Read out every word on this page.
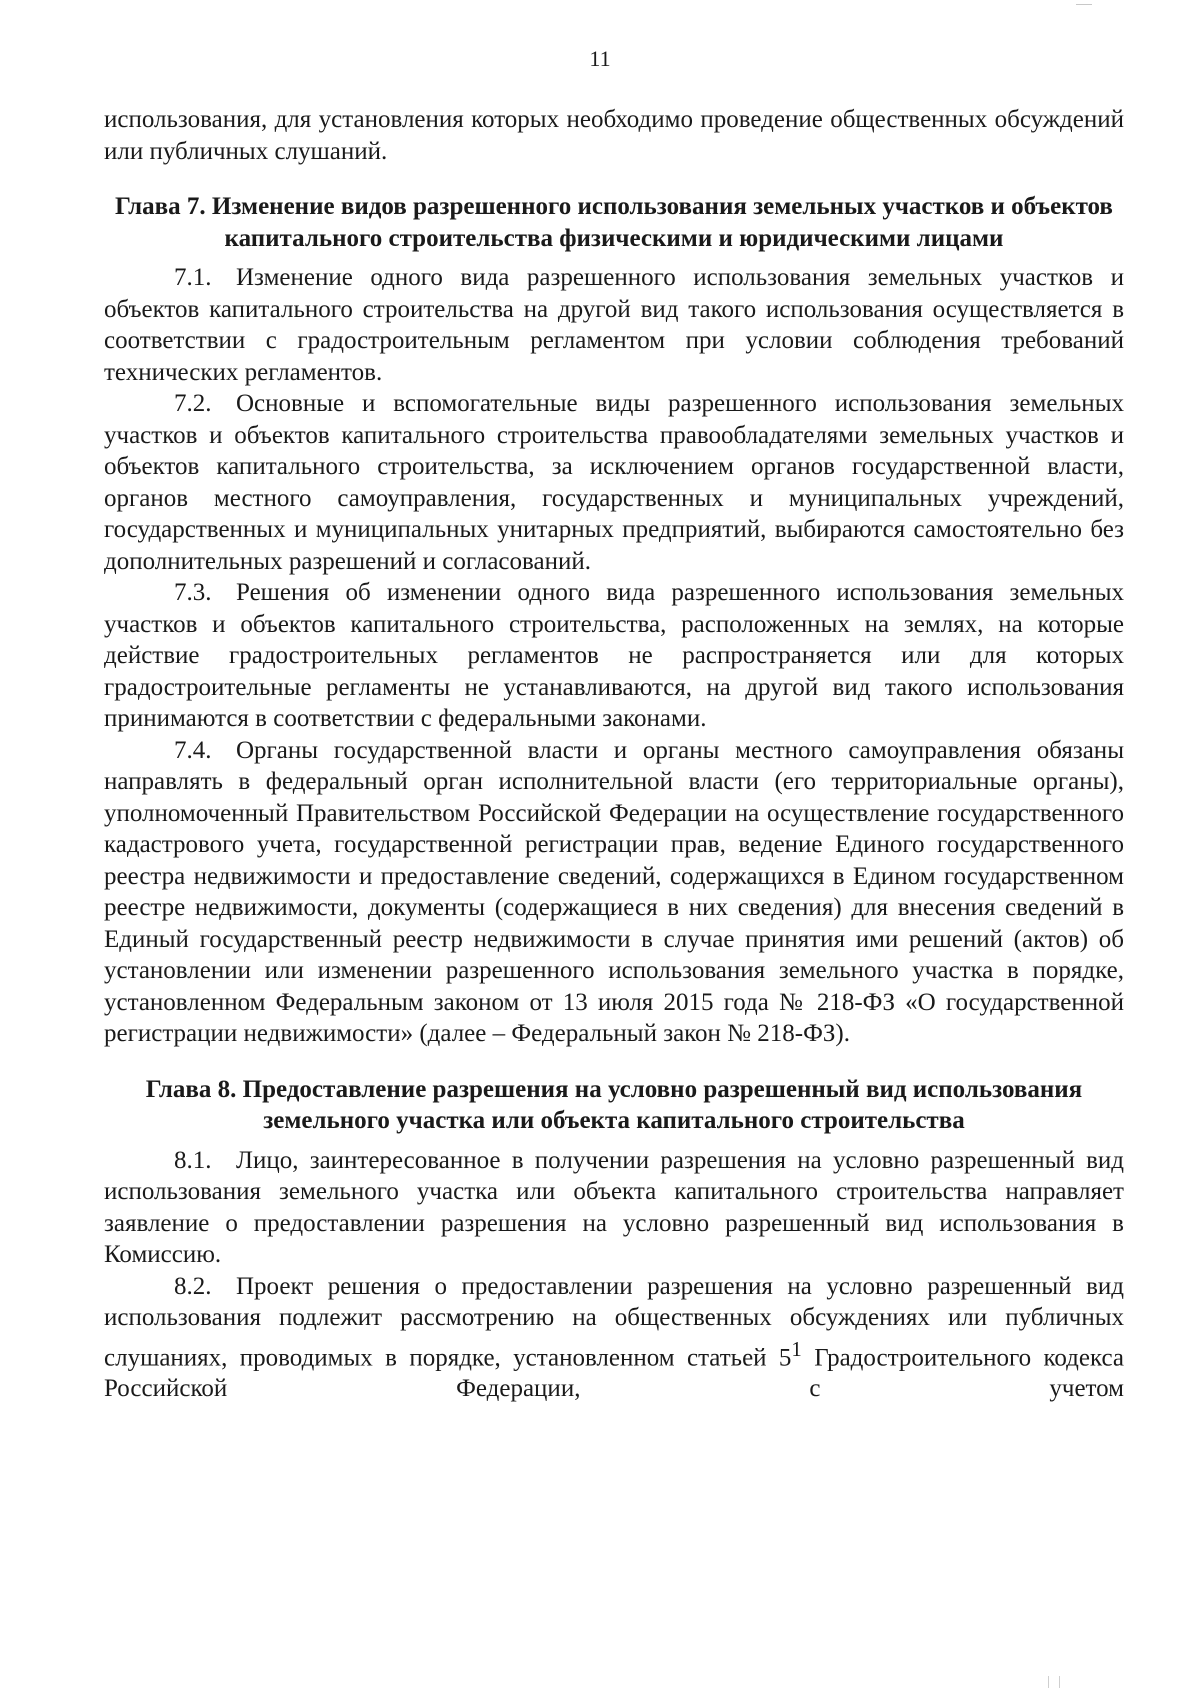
11

использования, для установления которых необходимо проведение общественных обсуждений или публичных слушаний.

Глава 7. Изменение видов разрешенного использования земельных участков и объектов капитального строительства физическими и юридическими лицами

7.1. Изменение одного вида разрешенного использования земельных участков и объектов капитального строительства на другой вид такого использования осуществляется в соответствии с градостроительным регламентом при условии соблюдения требований технических регламентов.

7.2. Основные и вспомогательные виды разрешенного использования земельных участков и объектов капитального строительства правообладателями земельных участков и объектов капитального строительства, за исключением органов государственной власти, органов местного самоуправления, государственных и муниципальных учреждений, государственных и муниципальных унитарных предприятий, выбираются самостоятельно без дополнительных разрешений и согласований.

7.3. Решения об изменении одного вида разрешенного использования земельных участков и объектов капитального строительства, расположенных на землях, на которые действие градостроительных регламентов не распространяется или для которых градостроительные регламенты не устанавливаются, на другой вид такого использования принимаются в соответствии с федеральными законами.

7.4. Органы государственной власти и органы местного самоуправления обязаны направлять в федеральный орган исполнительной власти (его территориальные органы), уполномоченный Правительством Российской Федерации на осуществление государственного кадастрового учета, государственной регистрации прав, ведение Единого государственного реестра недвижимости и предоставление сведений, содержащихся в Едином государственном реестре недвижимости, документы (содержащиеся в них сведения) для внесения сведений в Единый государственный реестр недвижимости в случае принятия ими решений (актов) об установлении или изменении разрешенного использования земельного участка в порядке, установленном Федеральным законом от 13 июля 2015 года № 218-ФЗ «О государственной регистрации недвижимости» (далее – Федеральный закон № 218-ФЗ).

Глава 8. Предоставление разрешения на условно разрешенный вид использования земельного участка или объекта капитального строительства

8.1. Лицо, заинтересованное в получении разрешения на условно разрешенный вид использования земельного участка или объекта капитального строительства направляет заявление о предоставлении разрешения на условно разрешенный вид использования в Комиссию.

8.2. Проект решения о предоставлении разрешения на условно разрешенный вид использования подлежит рассмотрению на общественных обсуждениях или публичных слушаниях, проводимых в порядке, установленном статьей $5^1$ Градостроительного кодекса Российской Федерации, с учетом
